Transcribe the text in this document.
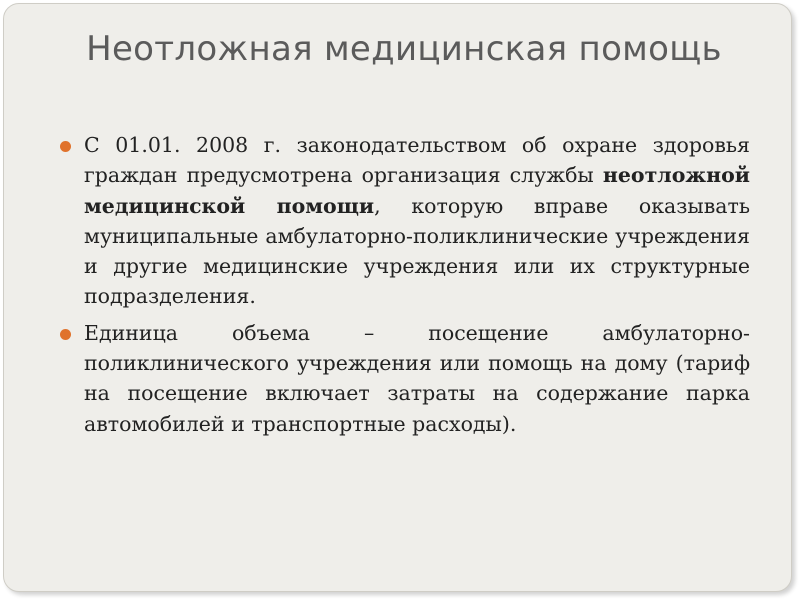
Неотложная медицинская помощь
С 01.01. 2008 г. законодательством об охране здоровья граждан предусмотрена организация службы неотложной медицинской помощи, которую вправе оказывать муниципальные амбулаторно-поликлинические учреждения и другие медицинские учреждения или их структурные подразделения.
Единица объема – посещение амбулаторно-поликлинического учреждения или помощь на дому (тариф на посещение включает затраты на содержание парка автомобилей и транспортные расходы).
